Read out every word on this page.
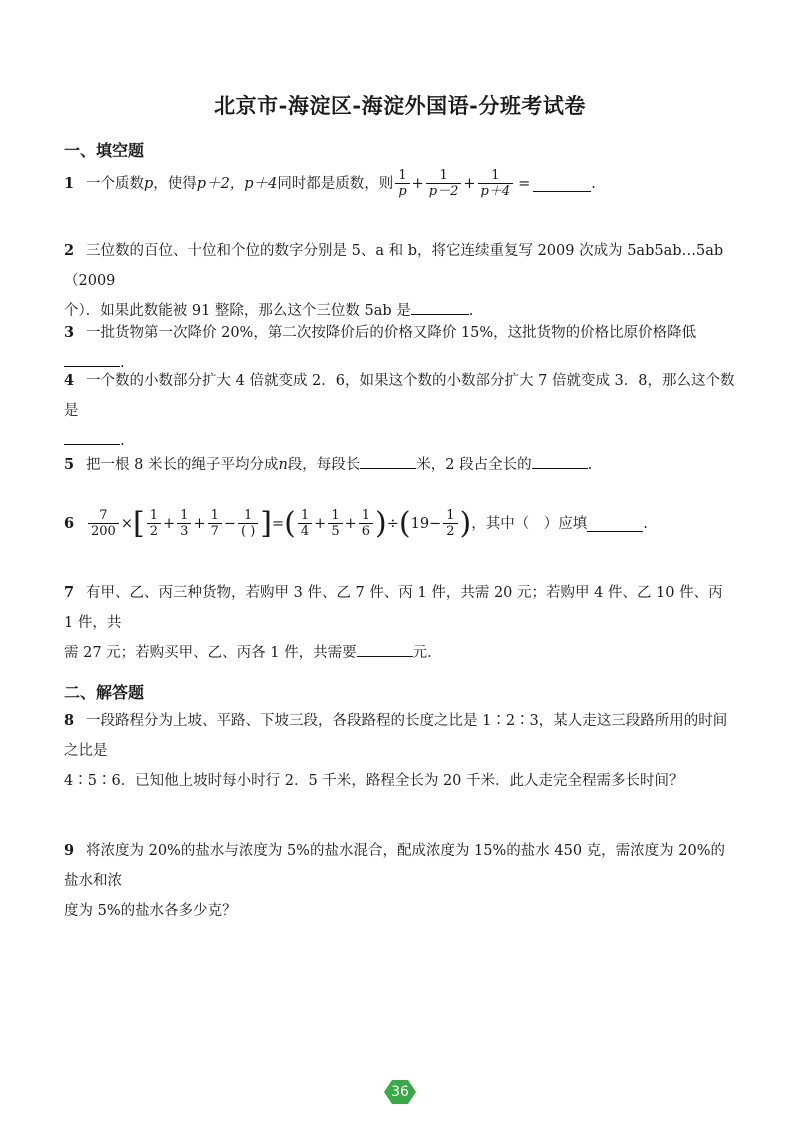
北京市-海淀区-海淀外国语-分班考试卷
一、填空题
1 一个质数 p ，使得 p＋2，p＋4 同时都是质数，则 $\frac{1}{p} + \frac{1}{p-2} + \frac{1}{p+4}$ =	.
2 三位数的百位、十位和个位的数字分别是 5、a 和 b，将它连续重复写 2009 次成为 5ab5ab…5ab（2009
个）．如果此数能被 91 整除，那么这个三位数 5ab 是	.
3 一批货物第一次降价 20%，第二次按降价后的价格又降价 15%，这批货物的价格比原价格降低.
4 一个数的小数部分扩大 4 倍就变成 2．6，如果这个数的小数部分扩大 7 倍就变成 3．8，那么这个数是
.
5 把一根 8 米长的绳子平均分成n段，每段长	米，2 段占全长的	.
6	$\frac{7}{200}$ × [ $\frac{1}{2} + \frac{1}{3} + \frac{1}{7} - \frac{1}{( )}$ ] = ( $\frac{1}{4} + \frac{1}{5} + \frac{1}{6}$ ) ÷ ( $19 - \frac{1}{2}$ ) ，其中（　）应填	.
7 有甲、乙、丙三种货物，若购甲 3 件、乙 7 件、丙 1 件，共需 20 元；若购甲 4 件、乙 10 件、丙 1 件，共
需 27 元；若购买甲、乙、丙各 1 件，共需要	元.
二、解答题
8 一段路程分为上坡、平路、下坡三段，各段路程的长度之比是 1∶2∶3，某人走这三段路所用的时间之比是
4∶5∶6．已知他上坡时每小时行 2．5 千米，路程全长为 20 千米．此人走完全程需多长时间？
9 将浓度为 20%的盐水与浓度为 5%的盐水混合，配成浓度为 15%的盐水 450 克，需浓度为 20%的盐水和浓
度为 5%的盐水各多少克？
36
